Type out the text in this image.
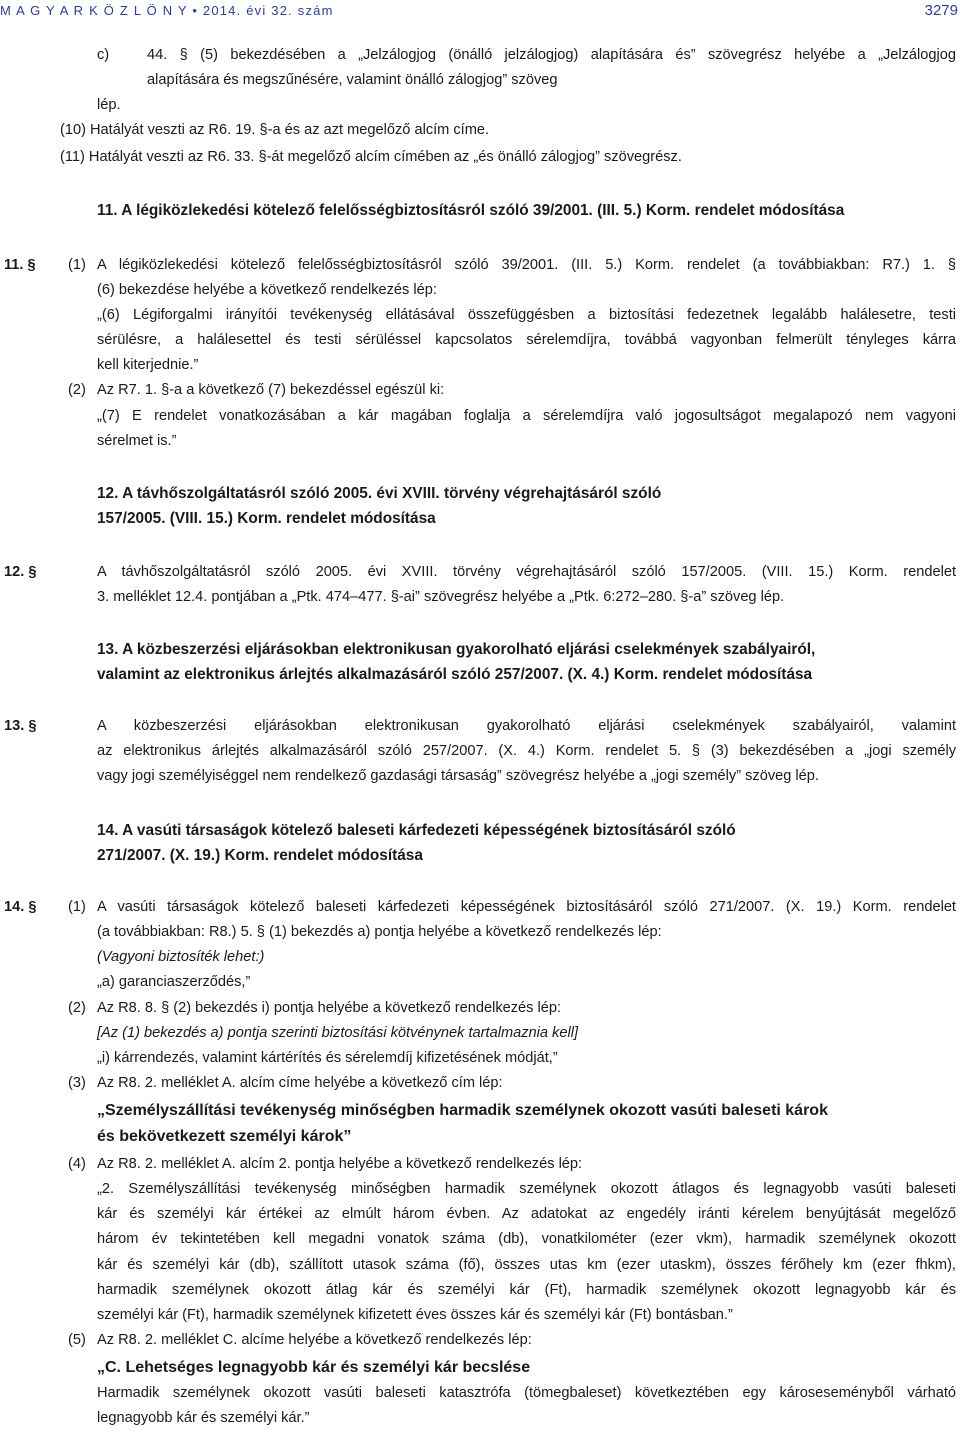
M A G Y A R K Ö Z L Ö N Y • 2014. évi 32. szám	3279
c)	44. § (5) bekezdésében a „Jelzálogjog (önálló jelzálogjog) alapítására és” szövegrész helyébe a „Jelzálogjog
alapítására és megszűnésére, valamint önálló zálogjog” szöveg
lép.
(10) Hatályát veszti az R6. 19. §-a és az azt megelőző alcím címe.
(11) Hatályát veszti az R6. 33. §-át megelőző alcím címében az „és önálló zálogjog” szövegrész.
11. A légiközlekedési kötelező felelősségbiztosításról szóló 39/2001. (III. 5.) Korm. rendelet módosítása
11. § (1) A légiközlekedési kötelező felelősségbiztosításról szóló 39/2001. (III. 5.) Korm. rendelet (a továbbiakban: R7.) 1. §
(6) bekezdése helyébe a következő rendelkezés lép:
„(6) Légiforgalmi irányítói tevékenység ellátásával összefüggésben a biztosítási fedezetnek legalább halálesetre, testi
sérülésre, a halálesettel és testi sérüléssel kapcsolatos sérelemdíjra, továbbá vagyonban felmerült tényleges kárra
kell kiterjednie.”
(2) Az R7. 1. §-a a következő (7) bekezdéssel egészül ki:
„(7) E rendelet vonatkozásában a kár magában foglalja a sérelemdíjra való jogosultságot megalapozó nem vagyoni
sérelmet is.”
12. A távhőszolgáltatásról szóló 2005. évi XVIII. törvény végrehajtásáról szóló
157/2005. (VIII. 15.) Korm. rendelet módosítása
12. §	A távhőszolgáltatásról szóló 2005. évi XVIII. törvény végrehajtásáról szóló 157/2005. (VIII. 15.) Korm. rendelet
3. melléklet 12.4. pontjában a „Ptk. 474–477. §-ai” szövegrész helyébe a „Ptk. 6:272–280. §-a” szöveg lép.
13. A közbeszerzési eljárásokban elektronikusan gyakorolható eljárási cselekmények szabályairól,
valamint az elektronikus árlejtés alkalmazásáról szóló 257/2007. (X. 4.) Korm. rendelet módosítása
13. §	A közbeszerzési eljárásokban elektronikusan gyakorolható eljárási cselekmények szabályairól, valamint
az elektronikus árlejtés alkalmazásáról szóló 257/2007. (X. 4.) Korm. rendelet 5. § (3) bekezdésében a „jogi személy
vagy jogi személyiséggel nem rendelkező gazdasági társaság” szövegrész helyébe a „jogi személy” szöveg lép.
14. A vasúti társaságok kötelező baleseti kárfedezeti képességének biztosításáról szóló
271/2007. (X. 19.) Korm. rendelet módosítása
14. § (1) A vasúti társaságok kötelező baleseti kárfedezeti képességének biztosításáról szóló 271/2007. (X. 19.) Korm. rendelet
(a továbbiakban: R8.) 5. § (1) bekezdés a) pontja helyébe a következő rendelkezés lép:
(Vagyoni biztosíték lehet:)
„a) garanciaszerződés,”
(2) Az R8. 8. § (2) bekezdés i) pontja helyébe a következő rendelkezés lép:
[Az (1) bekezdés a) pontja szerinti biztosítási kötvénynek tartalmaznia kell]
„i) kárrendezés, valamint kártérítés és sérelemdíj kifizetésének módját,”
(3) Az R8. 2. melléklet A. alcím címe helyébe a következő cím lép:
„Személyszállítási tevékenység minőségben harmadik személynek okozott vasúti baleseti károk
és bekövetkezett személyi károk”
(4) Az R8. 2. melléklet A. alcím 2. pontja helyébe a következő rendelkezés lép:
„2. Személyszállítási tevékenység minőségben harmadik személynek okozott átlagos és legnagyobb vasúti baleseti
kár és személyi kár értékei az elmúlt három évben. Az adatokat az engedély iránti kérelem benyújtását megelőző
három év tekintetében kell megadni vonatok száma (db), vonatkilométer (ezer vkm), harmadik személynek okozott
kár és személyi kár (db), szállított utasok száma (fő), összes utas km (ezer utaskm), összes férőhely km (ezer fhkm),
harmadik személynek okozott átlag kár és személyi kár (Ft), harmadik személynek okozott legnagyobb kár és
személyi kár (Ft), harmadik személynek kifizetett éves összes kár és személyi kár (Ft) bontásban.”
(5) Az R8. 2. melléklet C. alcíme helyébe a következő rendelkezés lép:
„C. Lehetséges legnagyobb kár és személyi kár becslése
Harmadik személynek okozott vasúti baleseti katasztrófa (tömegbaleset) következtében egy károseseményből várható
legnagyobb kár és személyi kár.”
